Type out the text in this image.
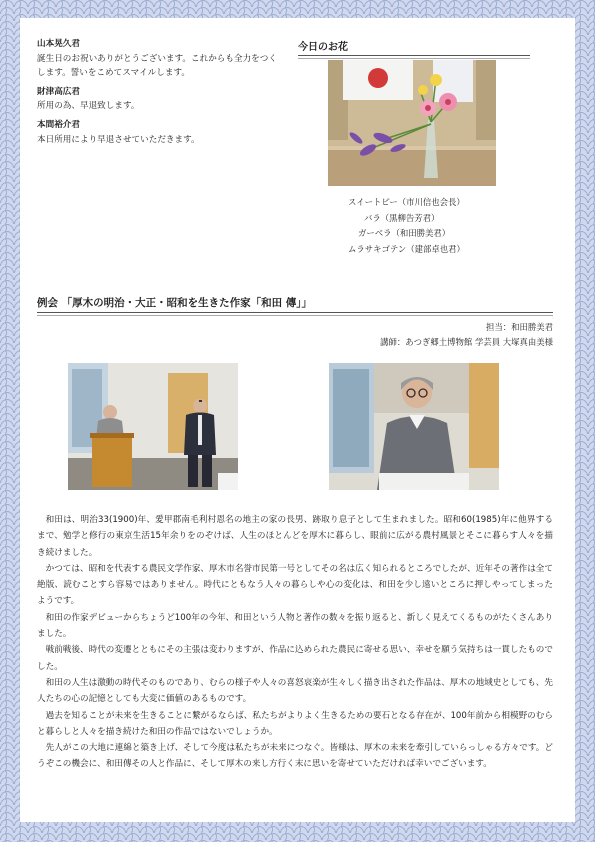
山本晃久君
誕生日のお祝いありがとうございます。これからも全力をつくします。誓いをこめてスマイルします。
財津高広君
所用の為、早退致します。
本間裕介君
本日所用により早退させていただきます。
今日のお花
スイートピー（市川信也会長）
バラ（黒柳告芳君）
ガーベラ（和田勝美君）
ムラサキゴテン（建部卓也君）
例会 「厚木の明治・大正・昭和を生きた作家「和田 傳」」
担当：和田勝美君
講師：あつぎ郷土博物館 学芸員 大塚真由美様

和田は、明治33(1900)年、愛甲郡南毛利村恩名の地主の家の長男、跡取り息子として生まれました。昭和60(1985)年に他界するまで、勉学と修行の東京生活15年余りをのぞけば、人生のほとんどを厚木に暮らし、眼前に広がる農村風景とそこに暮らす人々を描き続けました。

かつては、昭和を代表する農民文学作家、厚木市名誉市民第一号としてその名は広く知られるところでしたが、近年その著作は全て絶版、読むことすら容易ではありません。時代にともなう人々の暮らしや心の変化は、和田を少し遠いところに押しやってしまったようです。

和田の作家デビューからちょうど100年の今年、和田という人物と著作の数々を振り返ると、新しく見えてくるものがたくさんありました。

戦前戦後、時代の変遷とともにその主張は変わりますが、作品に込められた農民に寄せる思い、幸せを願う気持ちは一貫したものでした。

和田の人生は激動の時代そのものであり、むらの様子や人々の喜怒哀楽が生々しく描き出された作品は、厚木の地域史としても、先人たちの心の記憶としても大変に価値のあるものです。

過去を知ることが未来を生きることに繋がるならば、私たちがよりよく生きるための要石となる存在が、100年前から相模野のむらと暮らしと人々を描き続けた和田の作品ではないでしょうか。

先人がこの大地に連綿と築き上げ、そして今度は私たちが未来につなぐ。皆様は、厚木の未来を牽引していらっしゃる方々です。どうぞこの機会に、和田傳その人と作品に、そして厚木の来し方行く末に思いを寄せていただければ幸いでございます。
